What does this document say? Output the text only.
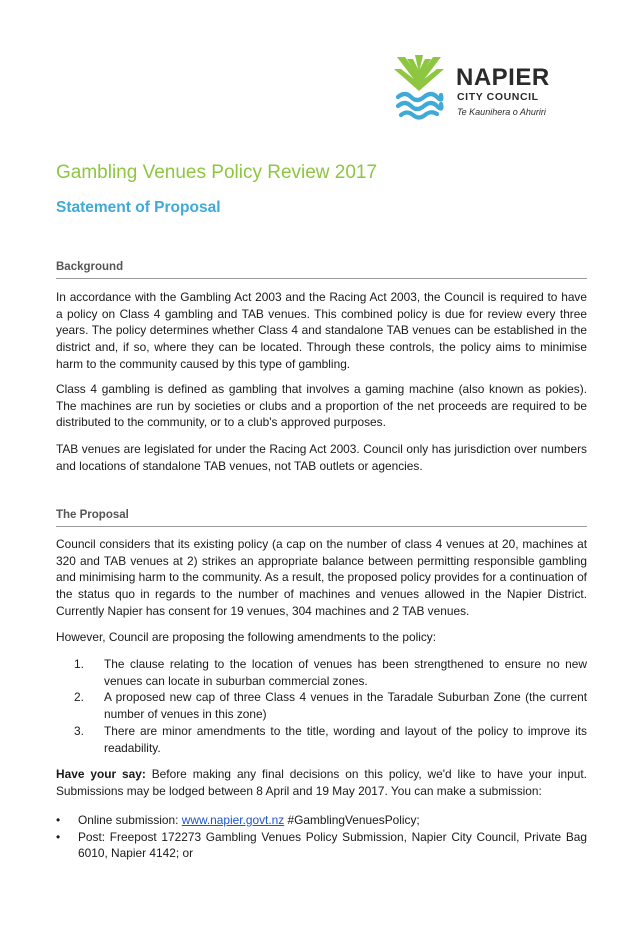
NAPIER
CITY COUNCIL
Te Kaunihera o Ahuriri
Gambling Venues Policy Review 2017
Statement of Proposal
Background
In accordance with the Gambling Act 2003 and the Racing Act 2003, the Council is required to have a policy on Class 4 gambling and TAB venues. This combined policy is due for review every three years. The policy determines whether Class 4 and standalone TAB venues can be established in the district and, if so, where they can be located. Through these controls, the policy aims to minimise harm to the community caused by this type of gambling.
Class 4 gambling is defined as gambling that involves a gaming machine (also known as pokies). The machines are run by societies or clubs and a proportion of the net proceeds are required to be distributed to the community, or to a club's approved purposes.
TAB venues are legislated for under the Racing Act 2003. Council only has jurisdiction over numbers and locations of standalone TAB venues, not TAB outlets or agencies.
The Proposal
Council considers that its existing policy (a cap on the number of class 4 venues at 20, machines at 320 and TAB venues at 2) strikes an appropriate balance between permitting responsible gambling and minimising harm to the community. As a result, the proposed policy provides for a continuation of the status quo in regards to the number of machines and venues allowed in the Napier District. Currently Napier has consent for 19 venues, 304 machines and 2 TAB venues.
However, Council are proposing the following amendments to the policy:
1.	The clause relating to the location of venues has been strengthened to ensure no new venues can locate in suburban commercial zones.
2.	A proposed new cap of three Class 4 venues in the Taradale Suburban Zone (the current number of venues in this zone)
3.	There are minor amendments to the title, wording and layout of the policy to improve its readability.
Have your say: Before making any final decisions on this policy, we'd like to have your input. Submissions may be lodged between 8 April and 19 May 2017. You can make a submission:
•	Online submission: www.napier.govt.nz #GamblingVenuesPolicy;
•	Post: Freepost 172273 Gambling Venues Policy Submission, Napier City Council, Private Bag 6010, Napier 4142; or
